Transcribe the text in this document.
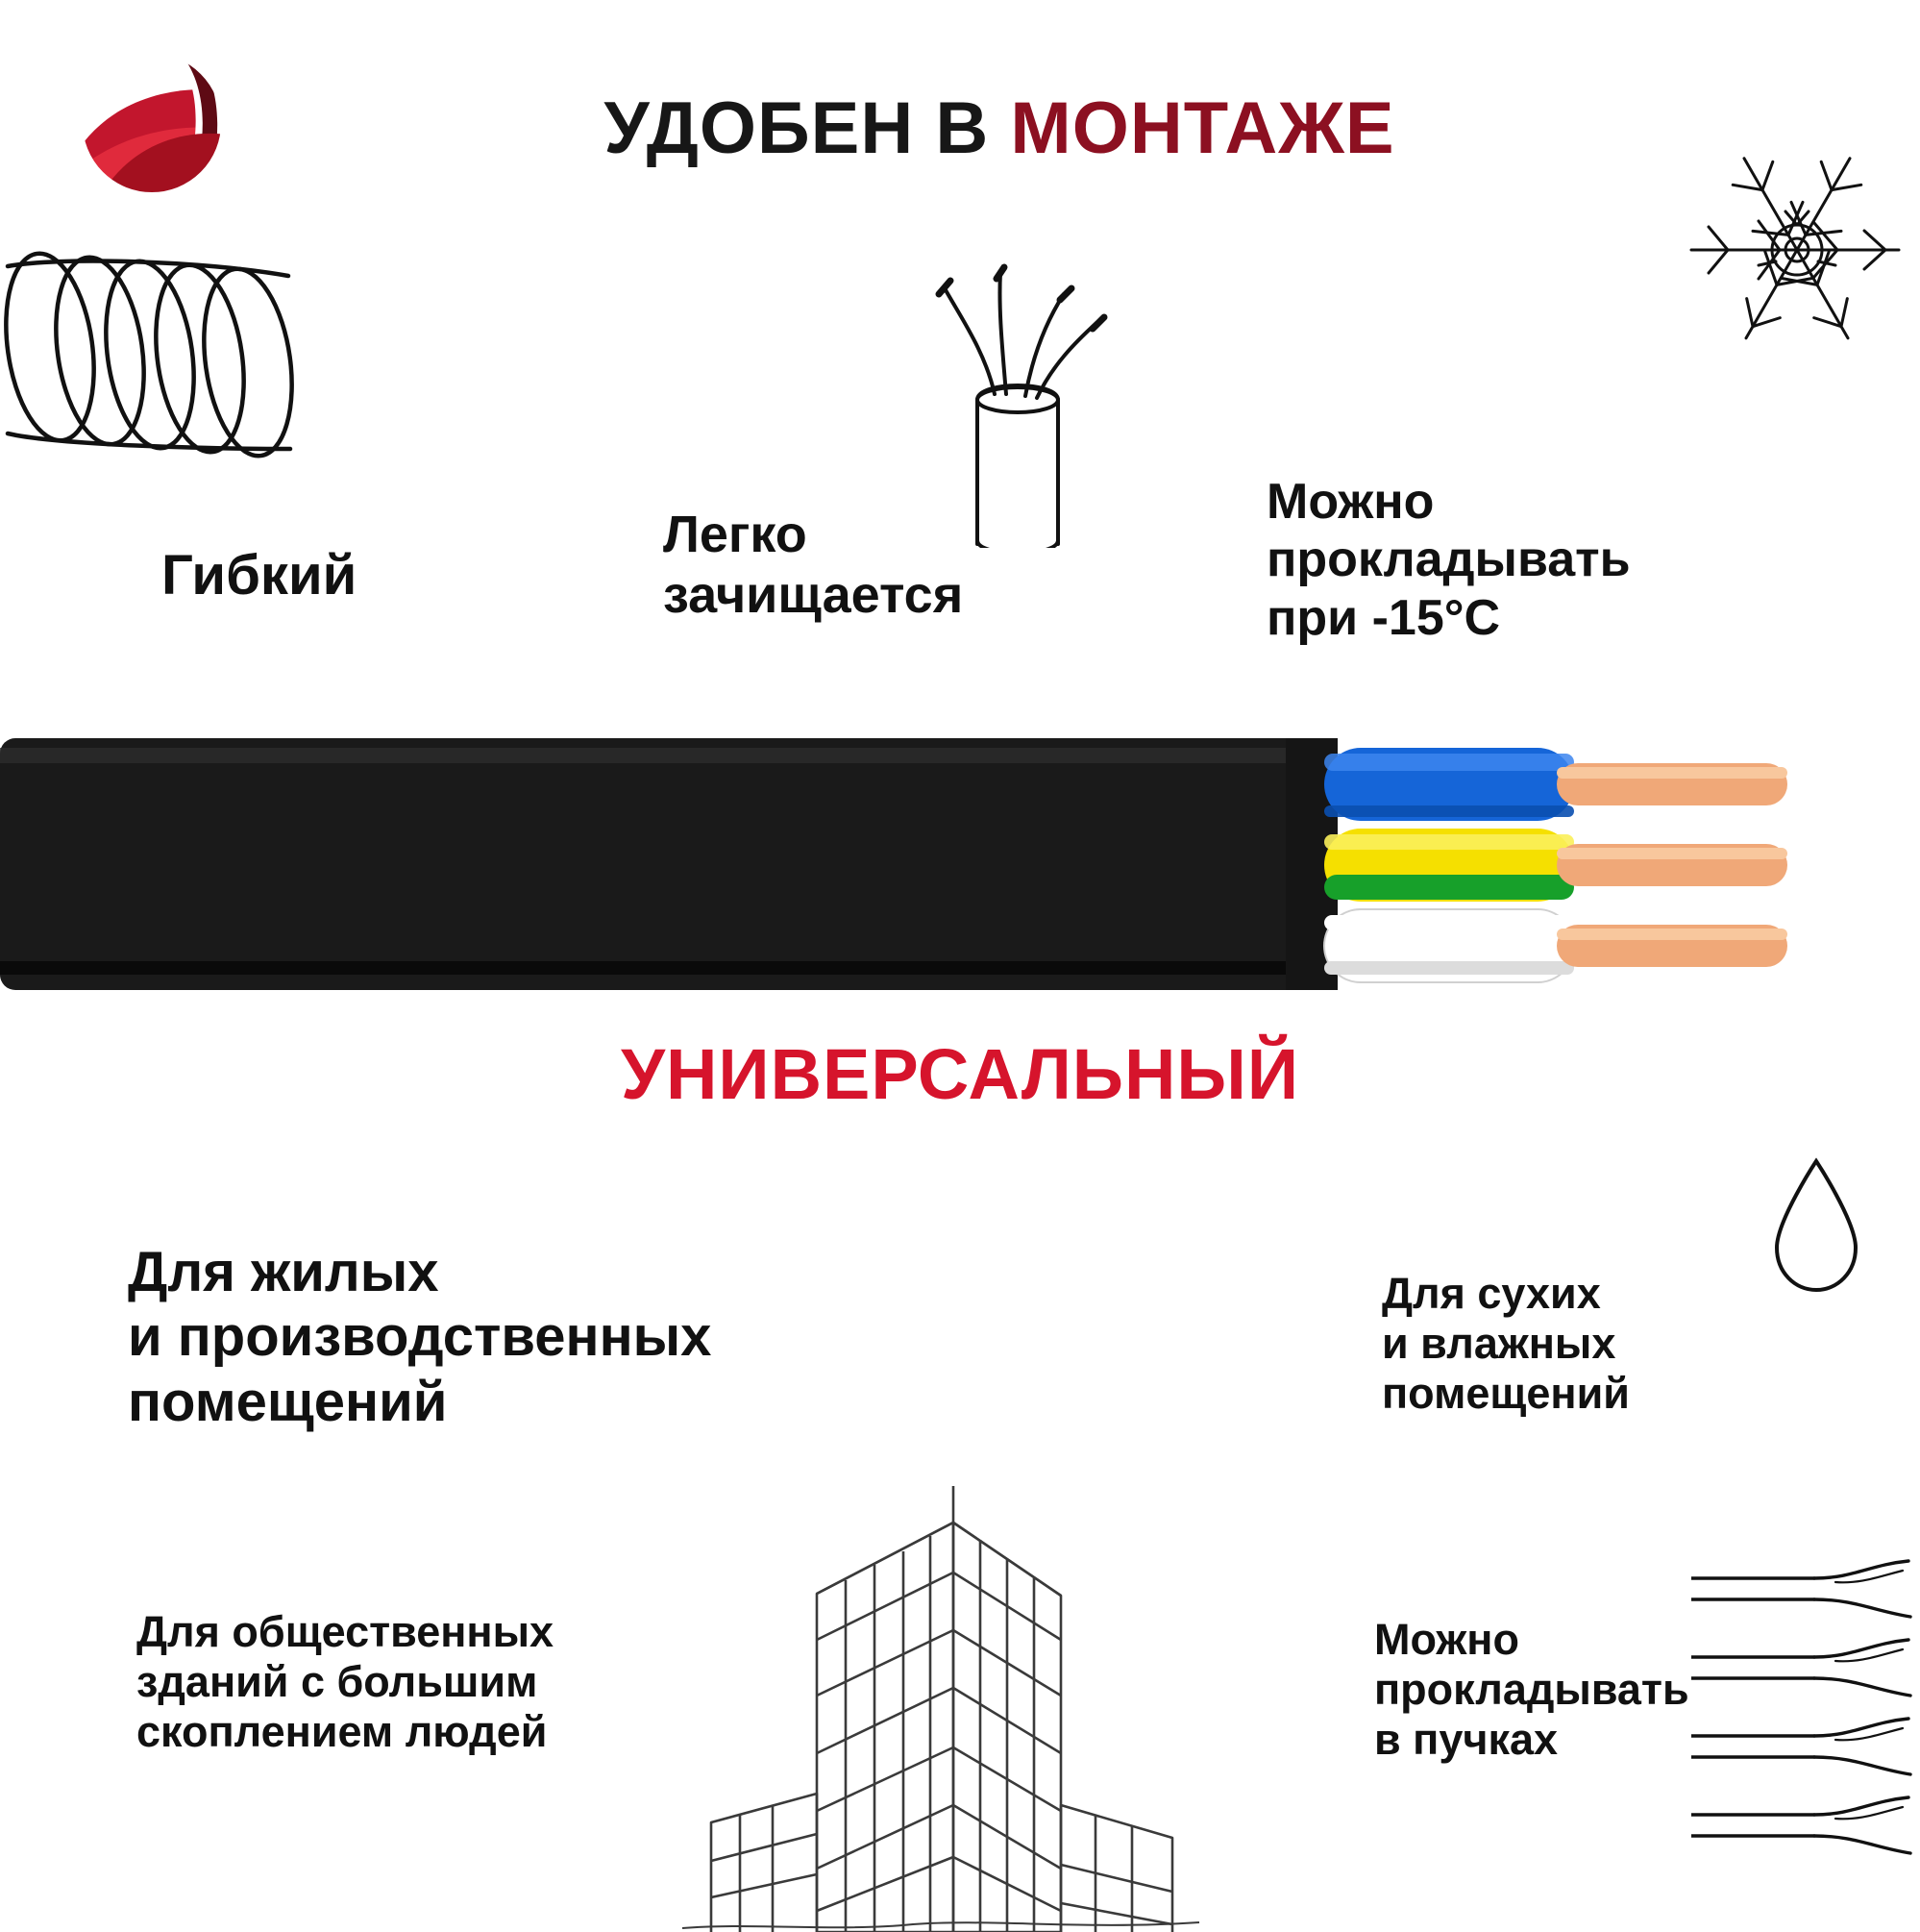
УДОБЕН В МОНТАЖЕ
Гибкий
Легко
зачищается
Можно
прокладывать
при -15°C
УНИВЕРСАЛЬНЫЙ
Для жилых
и производственных
помещений
Для общественных
зданий с большим
скоплением людей
Для сухих
и влажных
помещений
Можно
прокладывать
в пучках
